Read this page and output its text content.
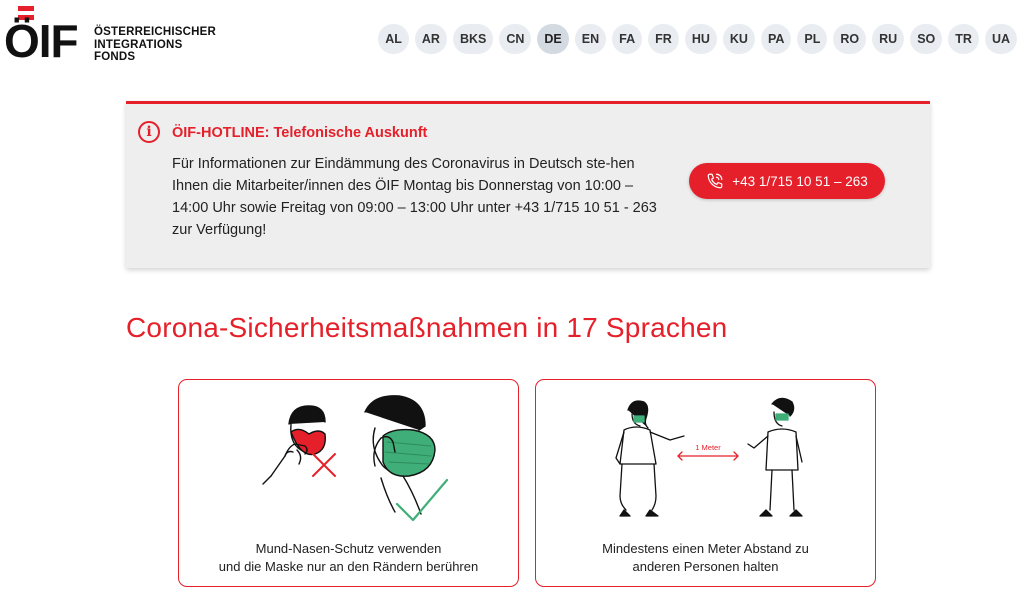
ÖIF ÖSTERREICHISCHER
INTEGRATIONS
FONDS
AL	AR	BKS	CN	DE	EN	FA	FR	HU	KU	PA	PL	RO	RU	SO	TR	UA
i	ÖIF-HOTLINE: Telefonische Auskunft

Für Informationen zur Eindämmung des Coronavirus in Deutsch ste-hen Ihnen die Mitarbeiter/innen des ÖIF Montag bis Donnerstag von 10:00 – 14:00 Uhr sowie Freitag von 09:00 – 13:00 Uhr unter +43 1/715 10 51 - 263 zur Verfügung!

+43 1/715 10 51 – 263
Corona-Sicherheitsmaßnahmen in 17 Sprachen
Mund-Nasen-Schutz verwenden
und die Maske nur an den Rändern berühren
1 Meter
Mindestens einen Meter Abstand zu
anderen Personen halten
